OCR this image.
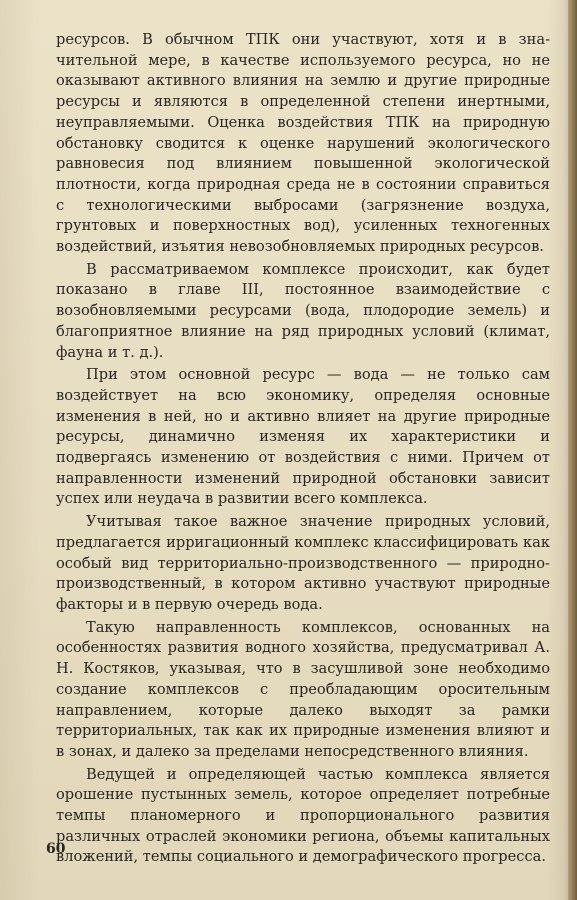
ресурсов. В обычном ТПК они участвуют, хотя и в значительной мере, в качестве используемого ресурса, но не оказывают активного влияния на землю и другие природные ресурсы и являются в определенной степени инертными, неуправляемыми. Оценка воздействия ТПК на природную обстановку сводится к оценке нарушений экологического равновесия под влиянием повышенной экологической плотности, когда природная среда не в состоянии справиться с технологическими выбросами (загрязнение воздуха, грунтовых и поверхностных вод), усиленных техногенных воздействий, изъятия невозобновляемых природных ресурсов.

В рассматриваемом комплексе происходит, как будет показано в главе III, постоянное взаимодействие с возобновляемыми ресурсами (вода, плодородие земель) и благоприятное влияние на ряд природных условий (климат, фауна и т. д.).

При этом основной ресурс — вода — не только сам воздействует на всю экономику, определяя основные изменения в ней, но и активно влияет на другие природные ресурсы, динамично изменяя их характеристики и подвергаясь изменению от воздействия с ними. Причем от направленности изменений природной обстановки зависит успех или неудача в развитии всего комплекса.

Учитывая такое важное значение природных условий, предлагается ирригационный комплекс классифицировать как особый вид территориально-производственного — природно-производственный, в котором активно участвуют природные факторы и в первую очередь вода.

Такую направленность комплексов, основанных на особенностях развития водного хозяйства, предусматривал А. Н. Костяков, указывая, что в засушливой зоне необходимо создание комплексов с преобладающим оросительным направлением, которые далеко выходят за рамки территориальных, так как их природные изменения влияют и в зонах, и далеко за пределами непосредственного влияния.

Ведущей и определяющей частью комплекса является орошение пустынных земель, которое определяет потребные темпы планомерного и пропорционального развития различных отраслей экономики региона, объемы капитальных вложений, темпы социального и демографического прогресса.

60
